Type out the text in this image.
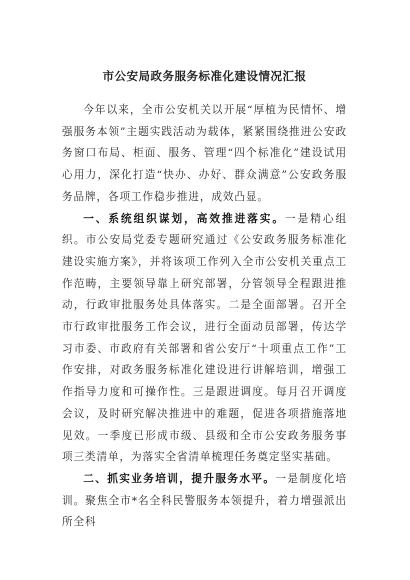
市公安局政务服务标准化建设情况汇报

今年以来，全市公安机关以开展“厚植为民情怀、增强服务本领”主题实践活动为载体，紧紧围绕推进公安政务窗口布局、柜面、服务、管理“四个标准化”建设试用心用力，深化打造“快办、办好、群众满意”公安政务服务品牌，各项工作稳步推进，成效凸显。

一、系统组织谋划，高效推进落实。一是精心组织。市公安局党委专题研究通过《公安政务服务标准化建设实施方案》，并将该项工作列入全市公安机关重点工作范畴，主要领导靠上研究部署，分管领导全程跟进推动，行政审批服务处具体落实。二是全面部署。召开全市行政审批服务工作会议，进行全面动员部署，传达学习市委、市政府有关部署和省公安厅“十项重点工作”工作安排，对政务服务标准化建设进行讲解培训，增强工作指导力度和可操作性。三是跟进调度。每月召开调度会议，及时研究解决推进中的难题，促进各项措施落地见效。一季度已形成市级、县级和全市公安政务服务事项三类清单，为落实全省清单梳理任务奠定坚实基础。

二、抓实业务培训，提升服务水平。一是制度化培训。聚焦全市*名全科民警服务本领提升，着力增强派出所全科
